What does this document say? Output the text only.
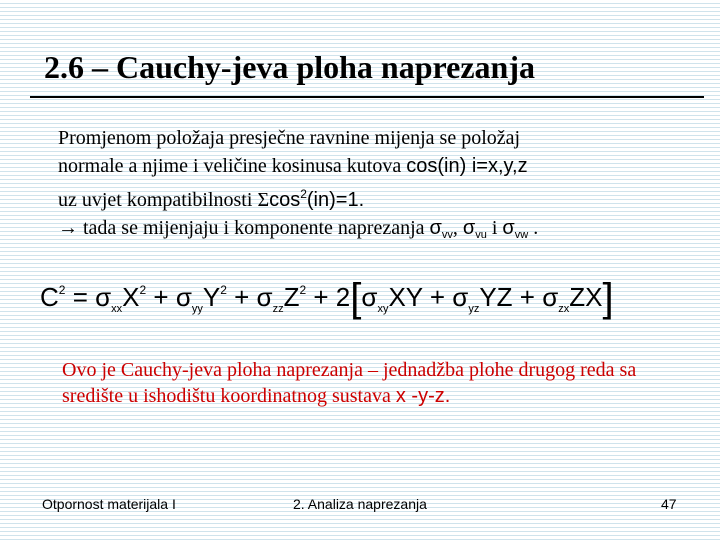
2.6 – Cauchy-jeva ploha naprezanja
Promjenom položaja presječne ravnine mijenja se položaj
normale a njime i veličine kosinusa kutova cos(in) i=x,y,z
uz uvjet kompatibilnosti Σcos$^2$(in)=1.
→ tada se mijenjaju i komponente naprezanja $\sigma_{vv}$, $\sigma_{vu}$ i $\sigma_{vw}$ .
$C^2 = \sigma_{xx}X^2 + \sigma_{yy}Y^2 + \sigma_{zz}Z^2 + 2[\sigma_{xy}XY + \sigma_{yz}YZ + \sigma_{zx}ZX]$
Ovo je Cauchy-jeva ploha naprezanja – jednadžba plohe drugog reda sa središte u ishodištu koordinatnog sustava x -y-z.
Otpornost materijala I	2. Analiza naprezanja	47
